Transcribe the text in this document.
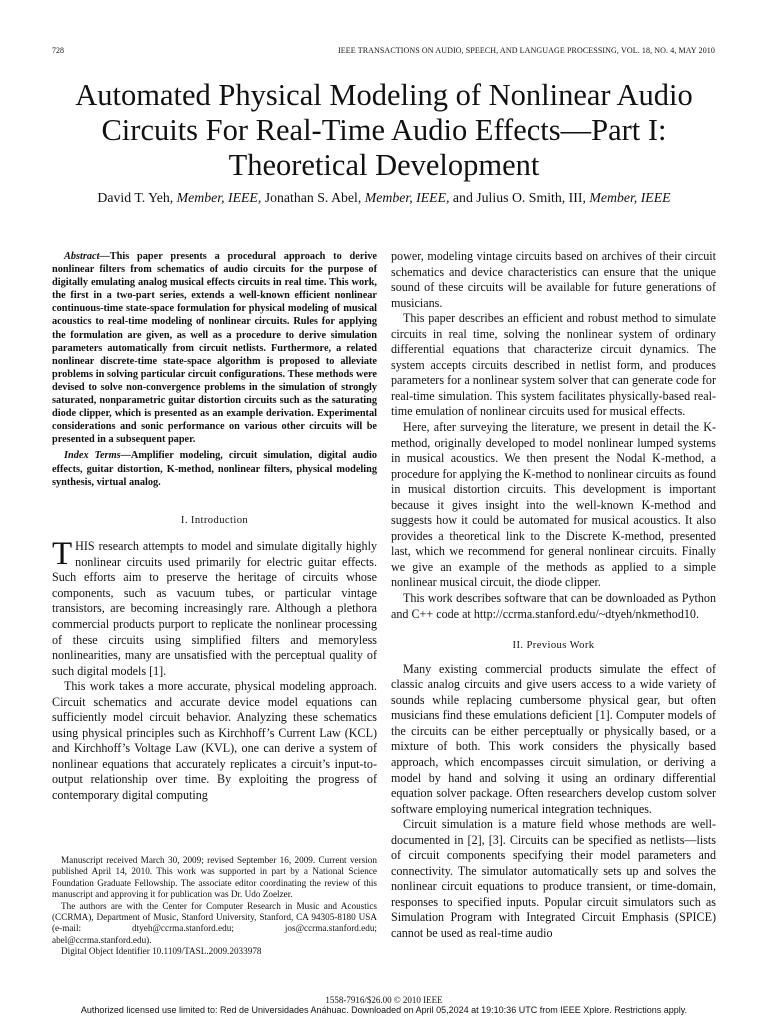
728	IEEE TRANSACTIONS ON AUDIO, SPEECH, AND LANGUAGE PROCESSING, VOL. 18, NO. 4, MAY 2010
Automated Physical Modeling of Nonlinear Audio Circuits For Real-Time Audio Effects—Part I: Theoretical Development
David T. Yeh, Member, IEEE, Jonathan S. Abel, Member, IEEE, and Julius O. Smith, III, Member, IEEE

Abstract—This paper presents a procedural approach to derive nonlinear filters from schematics of audio circuits for the purpose of digitally emulating analog musical effects circuits in real time. This work, the first in a two-part series, extends a well-known efficient nonlinear continuous-time state-space formulation for physical modeling of musical acoustics to real-time modeling of nonlinear circuits. Rules for applying the formulation are given, as well as a procedure to derive simulation parameters automatically from circuit netlists. Furthermore, a related nonlinear discrete-time state-space algorithm is proposed to alleviate problems in solving particular circuit configurations. These methods were devised to solve non-convergence problems in the simulation of strongly saturated, nonparametric guitar distortion circuits such as the saturating diode clipper, which is presented as an example derivation. Experimental considerations and sonic performance on various other circuits will be presented in a subsequent paper.

Index Terms—Amplifier modeling, circuit simulation, digital audio effects, guitar distortion, K-method, nonlinear filters, physical modeling synthesis, virtual analog.

I. Introduction

THIS research attempts to model and simulate digitally highly nonlinear circuits used primarily for electric guitar effects. Such efforts aim to preserve the heritage of circuits whose components, such as vacuum tubes, or particular vintage transistors, are becoming increasingly rare. Although a plethora commercial products purport to replicate the nonlinear processing of these circuits using simplified filters and memoryless nonlinearities, many are unsatisfied with the perceptual quality of such digital models [1].

This work takes a more accurate, physical modeling approach. Circuit schematics and accurate device model equations can sufficiently model circuit behavior. Analyzing these schematics using physical principles such as Kirchhoff’s Current Law (KCL) and Kirchhoff’s Voltage Law (KVL), one can derive a system of nonlinear equations that accurately replicates a circuit’s input-to-output relationship over time. By exploiting the progress of contemporary digital computing

Manuscript received March 30, 2009; revised September 16, 2009. Current version published April 14, 2010. This work was supported in part by a National Science Foundation Graduate Fellowship. The associate editor coordinating the review of this manuscript and approving it for publication was Dr. Udo Zoelzer.

The authors are with the Center for Computer Research in Music and Acoustics (CCRMA), Department of Music, Stanford University, Stanford, CA 94305-8180 USA (e-mail: dtyeh@ccrma.stanford.edu; jos@ccrma.stanford.edu; abel@ccrma.stanford.edu).

Digital Object Identifier 10.1109/TASL.2009.2033978

power, modeling vintage circuits based on archives of their circuit schematics and device characteristics can ensure that the unique sound of these circuits will be available for future generations of musicians.

This paper describes an efficient and robust method to simulate circuits in real time, solving the nonlinear system of ordinary differential equations that characterize circuit dynamics. The system accepts circuits described in netlist form, and produces parameters for a nonlinear system solver that can generate code for real-time simulation. This system facilitates physically-based real-time emulation of nonlinear circuits used for musical effects.

Here, after surveying the literature, we present in detail the K-method, originally developed to model nonlinear lumped systems in musical acoustics. We then present the Nodal K-method, a procedure for applying the K-method to nonlinear circuits as found in musical distortion circuits. This development is important because it gives insight into the well-known K-method and suggests how it could be automated for musical acoustics. It also provides a theoretical link to the Discrete K-method, presented last, which we recommend for general nonlinear circuits. Finally we give an example of the methods as applied to a simple nonlinear musical circuit, the diode clipper.

This work describes software that can be downloaded as Python and C++ code at http://ccrma.stanford.edu/~dtyeh/nkmethod10.

II. Previous Work

Many existing commercial products simulate the effect of classic analog circuits and give users access to a wide variety of sounds while replacing cumbersome physical gear, but often musicians find these emulations deficient [1]. Computer models of the circuits can be either perceptually or physically based, or a mixture of both. This work considers the physically based approach, which encompasses circuit simulation, or deriving a model by hand and solving it using an ordinary differential equation solver package. Often researchers develop custom solver software employing numerical integration techniques.

Circuit simulation is a mature field whose methods are well-documented in [2], [3]. Circuits can be specified as netlists—lists of circuit components specifying their model parameters and connectivity. The simulator automatically sets up and solves the nonlinear circuit equations to produce transient, or time-domain, responses to specified inputs. Popular circuit simulators such as Simulation Program with Integrated Circuit Emphasis (SPICE) cannot be used as real-time audio

1558-7916/$26.00 © 2010 IEEE
Authorized licensed use limited to: Red de Universidades Anáhuac. Downloaded on April 05,2024 at 19:10:36 UTC from IEEE Xplore. Restrictions apply.
